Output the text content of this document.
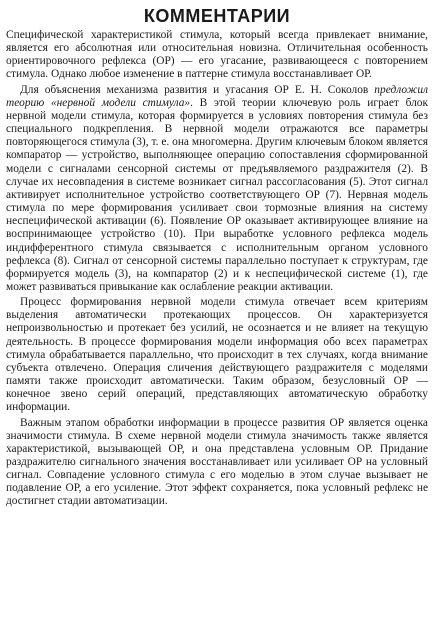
КОММЕНТАРИИ

Специфической характеристикой стимула, который всегда привлекает внимание, является его абсолютная или относительная новизна. Отличительная особенность ориентировочного рефлекса (ОР) — его угасание, развивающееся с повторением стимула. Однако любое изменение в паттерне стимула восстанавливает ОР.

Для объяснения механизма развития и угасания ОР Е. Н. Соколов предложил теорию «нервной модели стимула». В этой теории ключевую роль играет блок нервной модели стимула, которая формируется в условиях повторения стимула без специального подкрепления. В нервной модели отражаются все параметры повторяющегося стимула (3), т. е. она многомерна. Другим ключевым блоком является компаратор — устройство, выполняющее операцию сопоставления сформированной модели с сигналами сенсорной системы от предъявляемого раздражителя (2). В случае их несовпадения в системе возникает сигнал рассогласования (5). Этот сигнал активирует исполнительное устройство соответствующего ОР (7). Нервная модель стимула по мере формирования усиливает свои тормозные влияния на систему неспецифической активации (6). Появление ОР оказывает активирующее влияние на воспринимающее устройство (10). При выработке условного рефлекса модель индифферентного стимула связывается с исполнительным органом условного рефлекса (8). Сигнал от сенсорной системы параллельно поступает к структурам, где формируется модель (3), на компаратор (2) и к неспецифической системе (1), где может развиваться привыкание как ослабление реакции активации.

Процесс формирования нервной модели стимула отвечает всем критериям выделения автоматически протекающих процессов. Он характеризуется непроизвольностью и протекает без усилий, не осознается и не влияет на текущую деятельность. В процессе формирования модели информация обо всех параметрах стимула обрабатывается параллельно, что происходит в тех случаях, когда внимание субъекта отвлечено. Операция сличения действующего раздражителя с моделями памяти также происходит автоматически. Таким образом, безусловный ОР — конечное звено серий операций, представляющих автоматическую обработку информации.

Важным этапом обработки информации в процессе развития ОР является оценка значимости стимула. В схеме нервной модели стимула значимость также является характеристикой, вызывающей ОР, и она представлена условным ОР. Придание раздражителю сигнального значения восстанавливает или усиливает ОР на условный сигнал. Совпадение условного стимула с его моделью в этом случае вызывает не подавление ОР, а его усиление. Этот эффект сохраняется, пока условный рефлекс не достигнет стадии автоматизации.
